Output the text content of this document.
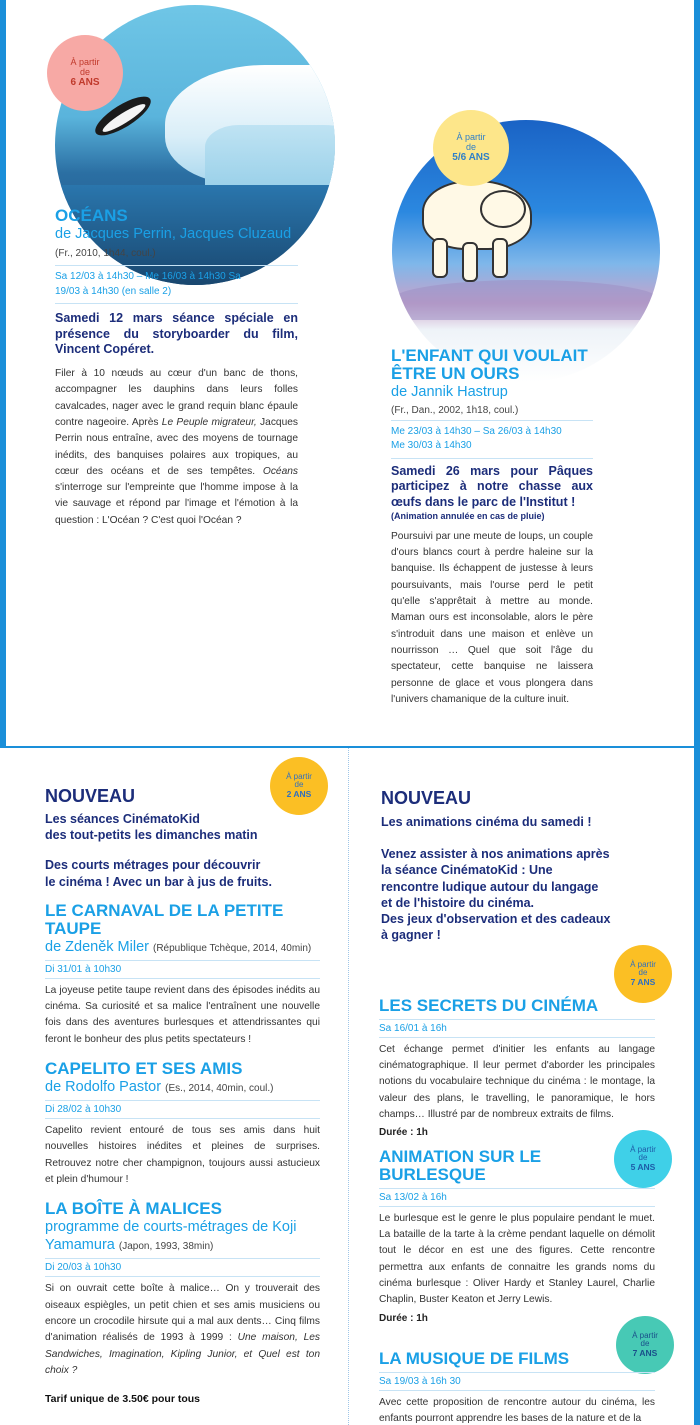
À partir
de
6 ANS
OCÉANS
de Jacques Perrin, Jacques Cluzaud (Fr., 2010, 1h44, coul.)
Sa 12/03 à 14h30 – Me 16/03 à 14h30 Sa
19/03 à 14h30 (en salle 2)
Samedi 12 mars séance spéciale en présence du storyboarder du film, Vincent Copéret.
Filer à 10 nœuds au cœur d'un banc de thons, accompagner les dauphins dans leurs folles cavalcades, nager avec le grand requin blanc épaule contre nageoire. Après Le Peuple migrateur, Jacques Perrin nous entraîne, avec des moyens de tournage inédits, des banquises polaires aux tropiques, au cœur des océans et de ses tempêtes. Océans s'interroge sur l'empreinte que l'homme impose à la vie sauvage et répond par l'image et l'émotion à la question : L'Océan ? C'est quoi l'Océan ?
À partir
de
5/6 ANS
L'ENFANT QUI VOULAIT ÊTRE UN OURS
de Jannik Hastrup
(Fr., Dan., 2002, 1h18, coul.)
Me 23/03 à 14h30 – Sa 26/03 à 14h30
Me 30/03 à 14h30
Samedi 26 mars pour Pâques participez à notre chasse aux œufs dans le parc de l'Institut !
(Animation annulée en cas de pluie)
Poursuivi par une meute de loups, un couple d'ours blancs court à perdre haleine sur la banquise. Ils échappent de justesse à leurs poursuivants, mais l'ourse perd le petit qu'elle s'apprêtait à mettre au monde. Maman ours est inconsolable, alors le père s'introduit dans une maison et enlève un nourrisson … Quel que soit l'âge du spectateur, cette banquise ne laissera personne de glace et vous plongera dans l'univers chamanique de la culture inuit.
À partir
de
2 ANS
NOUVEAU
Les séances CinématoKid
des tout-petits les dimanches matin
Des courts métrages pour découvrir
le cinéma ! Avec un bar à jus de fruits.
LE CARNAVAL DE LA PETITE TAUPE
de Zdeněk Miler (République Tchèque, 2014, 40min)
Di 31/01 à 10h30
La joyeuse petite taupe revient dans des épisodes inédits au cinéma. Sa curiosité et sa malice l'entraînent une nouvelle fois dans des aventures burlesques et attendrissantes qui feront le bonheur des plus petits spectateurs !
CAPELITO ET SES AMIS
de Rodolfo Pastor (Es., 2014, 40min, coul.)
Di 28/02 à 10h30
Capelito revient entouré de tous ses amis dans huit nouvelles histoires inédites et pleines de surprises. Retrouvez notre cher champignon, toujours aussi astucieux et plein d'humour !
LA BOÎTE À MALICES
programme de courts-métrages de Koji Yamamura (Japon, 1993, 38min)
Di 20/03 à 10h30
Si on ouvrait cette boîte à malice… On y trouverait des oiseaux espiègles, un petit chien et ses amis musiciens ou encore un crocodile hirsute qui a mal aux dents… Cinq films d'animation réalisés de 1993 à 1999 : Une maison, Les Sandwiches, Imagination, Kipling Junior, et Quel est ton choix ?
Tarif unique de 3.50€ pour tous
NOUVEAU
Les animations cinéma du samedi !
Venez assister à nos animations après la séance CinématoKid : Une rencontre ludique autour du langage et de l'histoire du cinéma.
Des jeux d'observation et des cadeaux à gagner !
À partir
de
7 ANS
LES SECRETS DU CINÉMA
Sa 16/01 à 16h
Cet échange permet d'initier les enfants au langage cinématographique. Il leur permet d'aborder les principales notions du vocabulaire technique du cinéma : le montage, la valeur des plans, le travelling, le panoramique, le hors champs… Illustré par de nombreux extraits de films.
Durée : 1h
À partir
de
5 ANS
ANIMATION SUR LE BURLESQUE
Sa 13/02 à 16h
Le burlesque est le genre le plus populaire pendant le muet. La bataille de la tarte à la crème pendant laquelle on démolit tout le décor en est une des figures. Cette rencontre permettra aux enfants de connaitre les grands noms du cinéma burlesque : Oliver Hardy et Stanley Laurel, Charlie Chaplin, Buster Keaton et Jerry Lewis.
Durée : 1h
À partir
de
7 ANS
LA MUSIQUE DE FILMS
Sa 19/03 à 16h 30
Avec cette proposition de rencontre autour du cinéma, les enfants pourront apprendre les bases de la nature et de la
